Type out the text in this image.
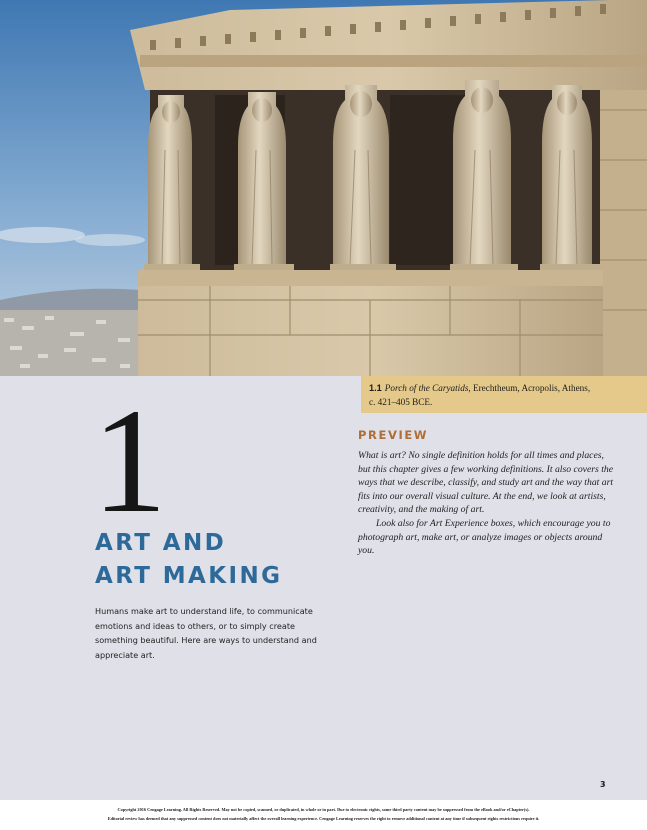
1.1 Porch of the Caryatids, Erechtheum, Acropolis, Athens,
c. 421–405 BCE.
1
ART AND
ART MAKING
Humans make art to understand life, to communicate emotions and ideas to others, or to simply create something beautiful. Here are ways to understand and appreciate art.
PREVIEW

What is art? No single definition holds for all times and places, but this chapter gives a few working definitions. It also covers the ways that we describe, classify, and study art and the way that art fits into our overall visual culture. At the end, we look at artists, creativity, and the making of art.

Look also for Art Experience boxes, which encourage you to photograph art, make art, or analyze images or objects around you.

3
Copyright 2016 Cengage Learning. All Rights Reserved. May not be copied, scanned, or duplicated, in whole or in part. Due to electronic rights, some third party content may be suppressed from the eBook and/or eChapter(s).
Editorial review has deemed that any suppressed content does not materially affect the overall learning experience. Cengage Learning reserves the right to remove additional content at any time if subsequent rights restrictions require it.
